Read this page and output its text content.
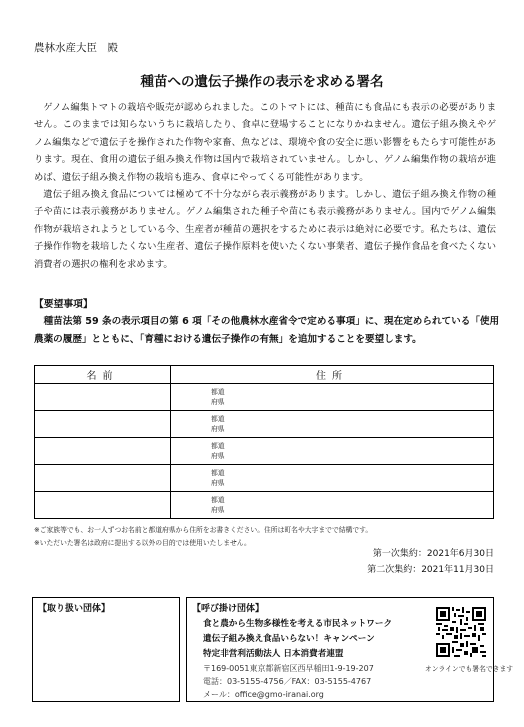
農林水産大臣　殿
種苗への遺伝子操作の表示を求める署名

ゲノム編集トマトの栽培や販売が認められました。このトマトには、種苗にも食品にも表示の必要がありません。このままでは知らないうちに栽培したり、食卓に登場することになりかねません。遺伝子組み換えやゲノム編集などで遺伝子を操作された作物や家畜、魚などは、環境や食の安全に悪い影響をもたらす可能性があります。現在、食用の遺伝子組み換え作物は国内で栽培されていません。しかし、ゲノム編集作物の栽培が進めば、遺伝子組み換え作物の栽培も進み、食卓にやってくる可能性があります。

遺伝子組み換え食品については極めて不十分ながら表示義務があります。しかし、遺伝子組み換え作物の種子や苗には表示義務がありません。ゲノム編集された種子や苗にも表示義務がありません。国内でゲノム編集作物が栽培されようとしている今、生産者が種苗の選択をするために表示は絶対に必要です。私たちは、遺伝子操作作物を栽培したくない生産者、遺伝子操作原料を使いたくない事業者、遺伝子操作食品を食べたくない消費者の選択の権利を求めます。

【要望事項】
種苗法第 59 条の表示項目の第 6 項「その他農林水産省令で定める事項」に、現在定められている「使用農薬の履歴」とともに、「育種における遺伝子操作の有無」を追加することを要望します。
名前	住所

	都道
府県

	都道
府県

	都道
府県

	都道
府県

	都道
府県
※ご家族等でも、お一人ずつお名前と都道府県から住所をお書きください。住所は町名や大字までで結構です。
※いただいた署名は政府に提出する以外の目的では使用いたしません。
第一次集約：2021年6月30日
第二次集約：2021年11月30日
【取り扱い団体】	【呼び掛け団体】
食と農から生物多様性を考える市民ネットワーク
遺伝子組み換え食品いらない！キャンペーン
特定非営利活動法人 日本消費者連盟
〒169-0051東京都新宿区西早稲田1-9-19-207
電話：03-5155-4756／FAX：03-5155-4767
メール：office@gmo-iranai.org
オンラインでも署名できます
